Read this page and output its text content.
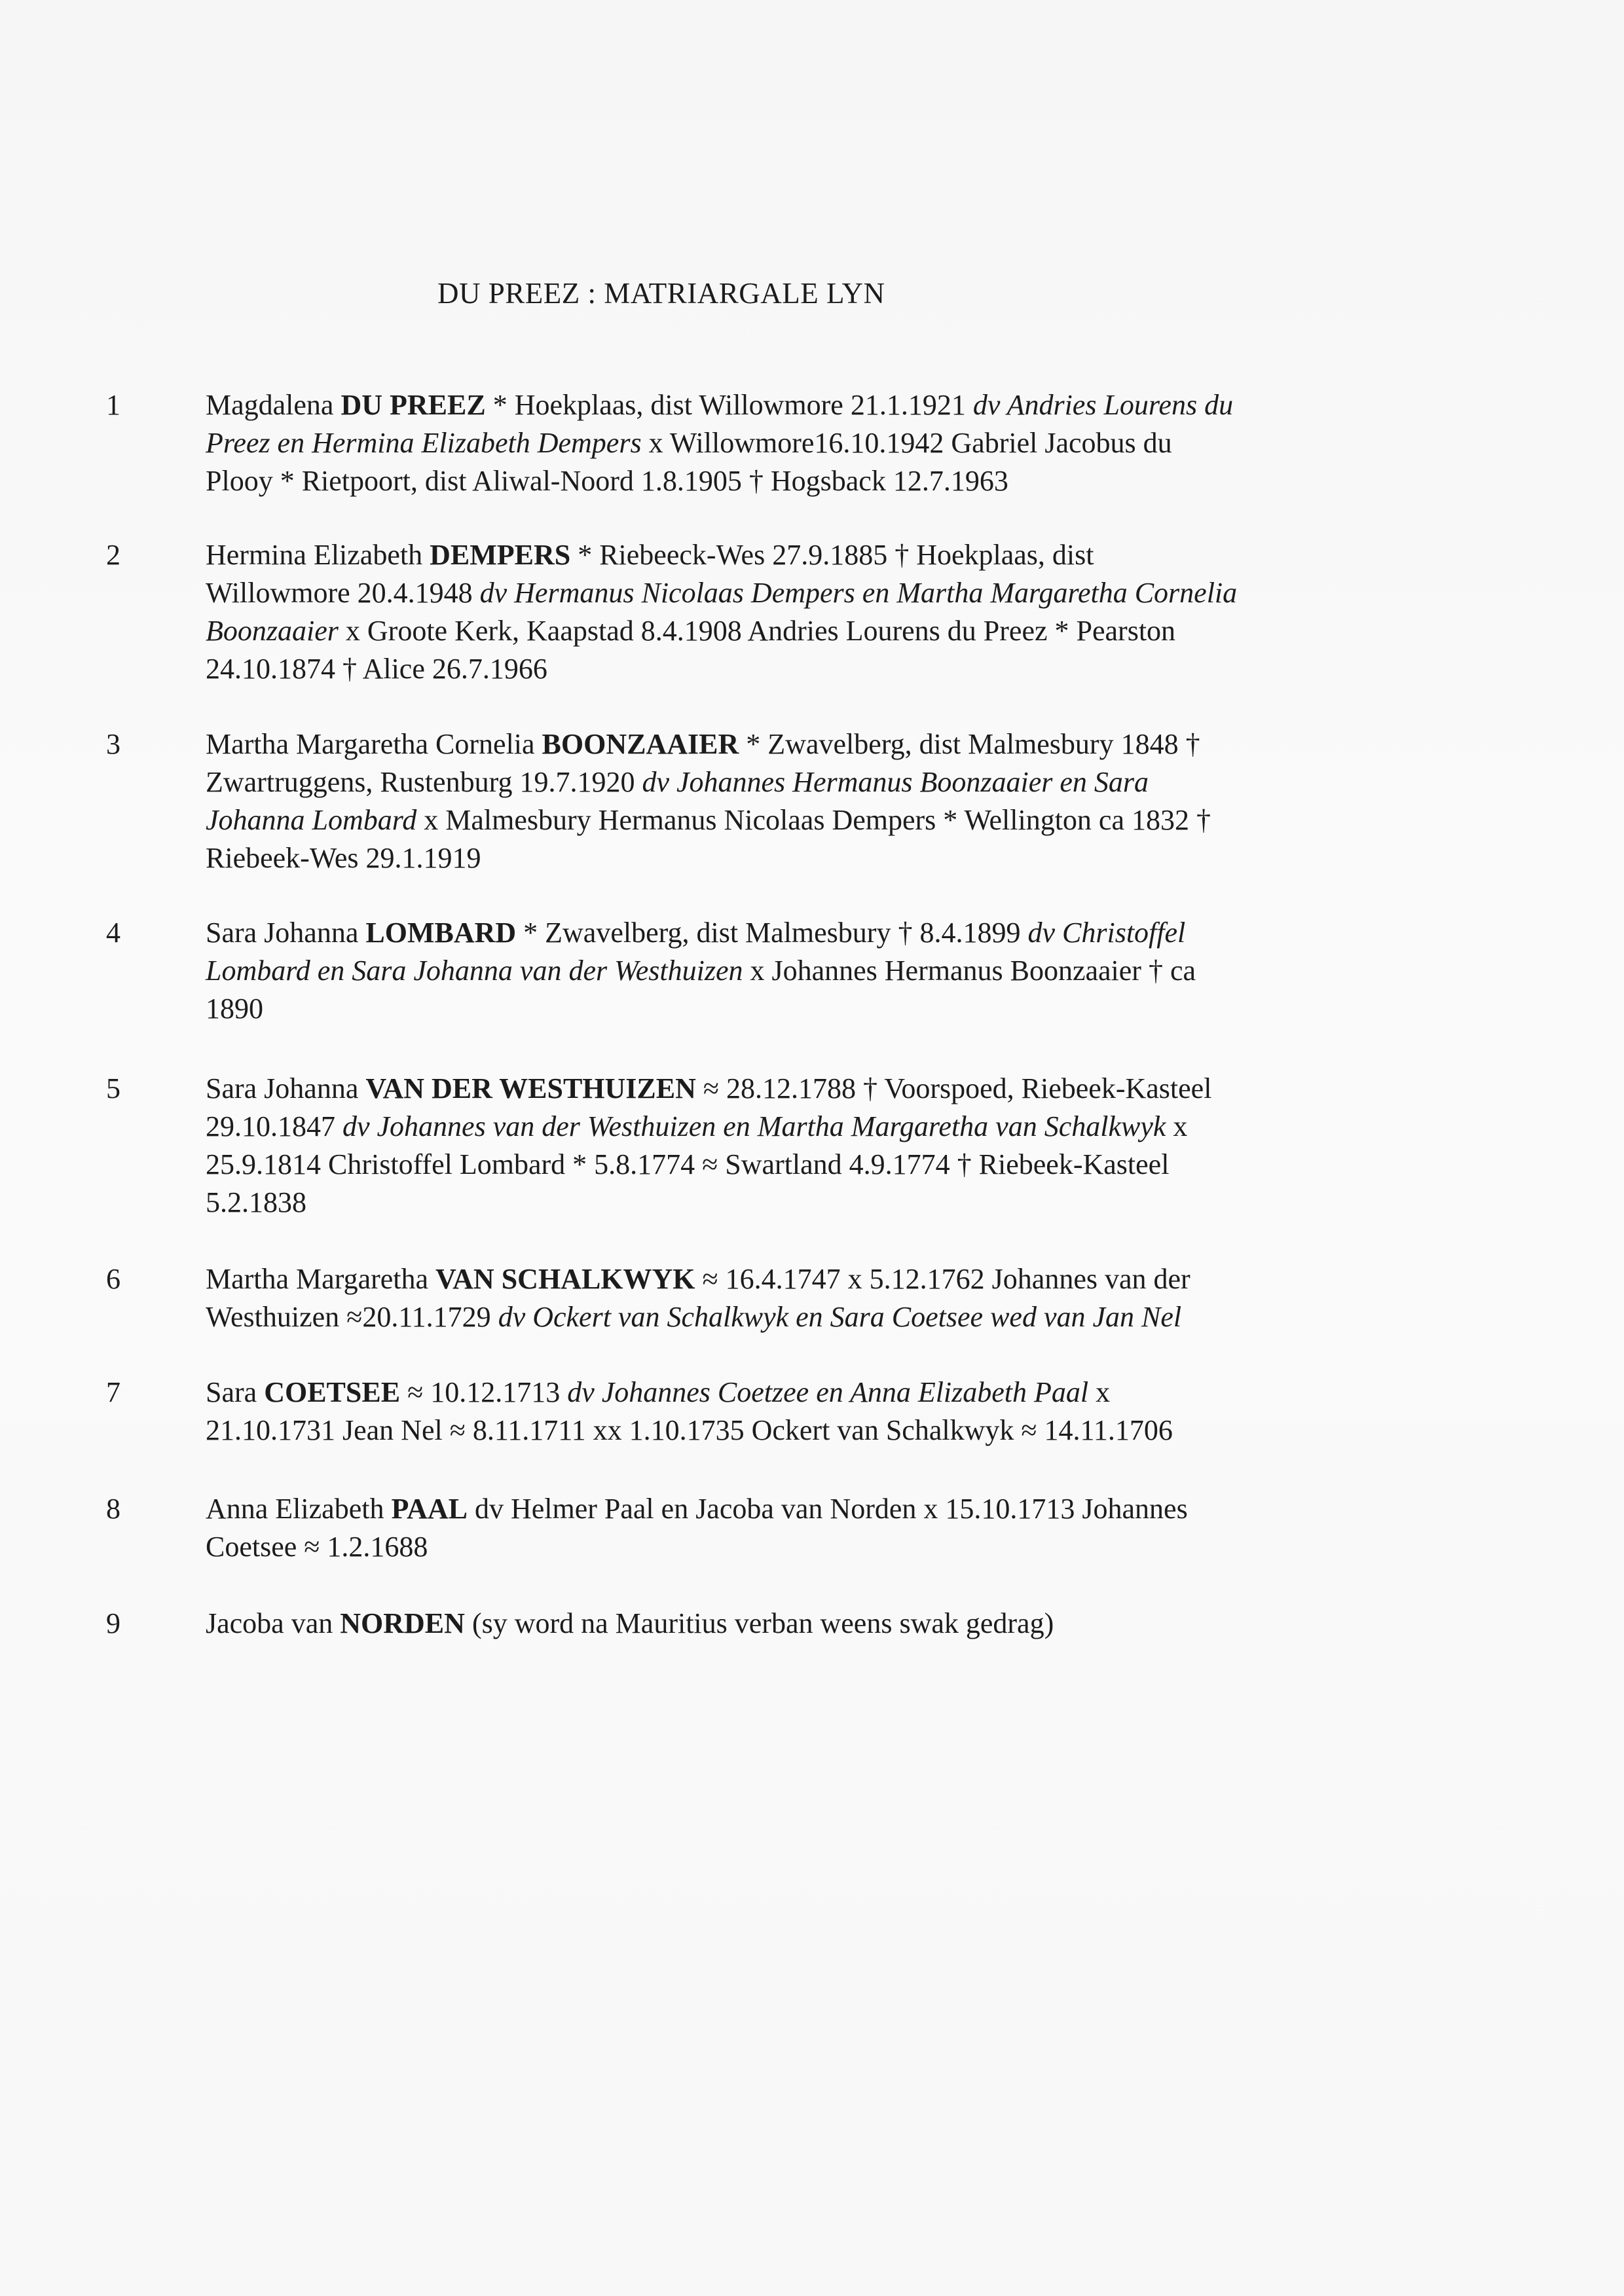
DU PREEZ : MATRIARGALE LYN
1	Magdalena DU PREEZ * Hoekplaas, dist Willowmore 21.1.1921 dv Andries Lourens du
Preez en Hermina Elizabeth Dempers x Willowmore16.10.1942 Gabriel Jacobus du
Plooy * Rietpoort, dist Aliwal-Noord 1.8.1905 † Hogsback 12.7.1963
2	Hermina Elizabeth DEMPERS * Riebeeck-Wes 27.9.1885 † Hoekplaas, dist
Willowmore 20.4.1948 dv Hermanus Nicolaas Dempers en Martha Margaretha Cornelia
Boonzaaier x Groote Kerk, Kaapstad 8.4.1908 Andries Lourens du Preez * Pearston
24.10.1874 † Alice 26.7.1966
3	Martha Margaretha Cornelia BOONZAAIER * Zwavelberg, dist Malmesbury 1848 †
Zwartruggens, Rustenburg 19.7.1920 dv Johannes Hermanus Boonzaaier en Sara
Johanna Lombard x Malmesbury Hermanus Nicolaas Dempers * Wellington ca 1832 †
Riebeek-Wes 29.1.1919
4	Sara Johanna LOMBARD * Zwavelberg, dist Malmesbury † 8.4.1899 dv Christoffel
Lombard en Sara Johanna van der Westhuizen x Johannes Hermanus Boonzaaier † ca
1890
5	Sara Johanna VAN DER WESTHUIZEN ≈ 28.12.1788 † Voorspoed, Riebeek-Kasteel
29.10.1847 dv Johannes van der Westhuizen en Martha Margaretha van Schalkwyk x
25.9.1814 Christoffel Lombard * 5.8.1774 ≈ Swartland 4.9.1774 † Riebeek-Kasteel
5.2.1838
6	Martha Margaretha VAN SCHALKWYK ≈ 16.4.1747 x 5.12.1762 Johannes van der
Westhuizen ≈20.11.1729 dv Ockert van Schalkwyk en Sara Coetsee wed van Jan Nel
7	Sara COETSEE ≈ 10.12.1713 dv Johannes Coetzee en Anna Elizabeth Paal x
21.10.1731 Jean Nel ≈ 8.11.1711 xx 1.10.1735 Ockert van Schalkwyk ≈ 14.11.1706
8	Anna Elizabeth PAAL dv Helmer Paal en Jacoba van Norden x 15.10.1713 Johannes
Coetsee ≈ 1.2.1688
9	Jacoba van NORDEN (sy word na Mauritius verban weens swak gedrag)
